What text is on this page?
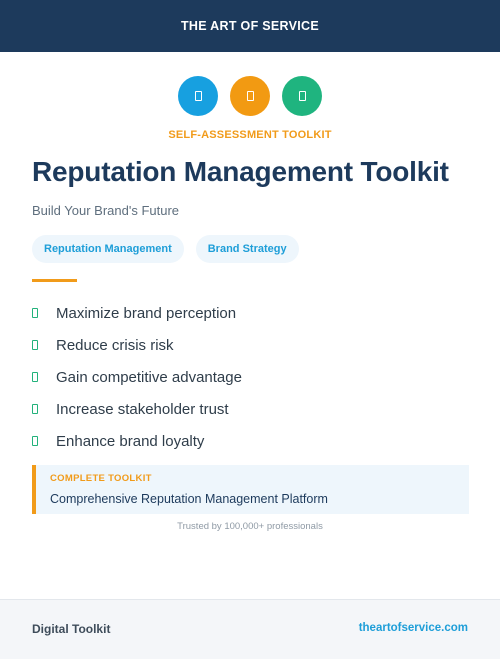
THE ART OF SERVICE
SELF-ASSESSMENT TOOLKIT
Reputation Management Toolkit
Build Your Brand's Future
Reputation Management	Brand Strategy
Maximize brand perception
Reduce crisis risk
Gain competitive advantage
Increase stakeholder trust
Enhance brand loyalty
COMPLETE TOOLKIT
Comprehensive Reputation Management Platform
Trusted by 100,000+ professionals
Digital Toolkit	theartofservice.com
